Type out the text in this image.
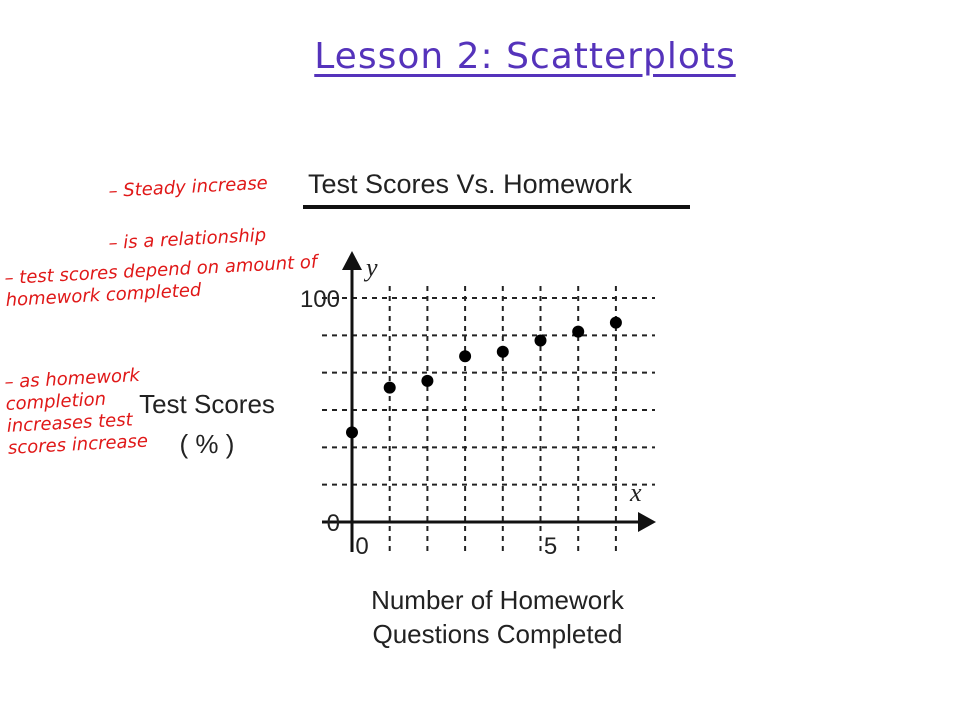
Lesson 2: Scatterplots
Test Scores Vs. Homework
Test Scores
( % )
Number of Homework
Questions Completed
y
x
0	5
0
100
– Steady increase
– is a relationship
– test scores depend on amount of homework completed
– as homework completion increases test scores increase
